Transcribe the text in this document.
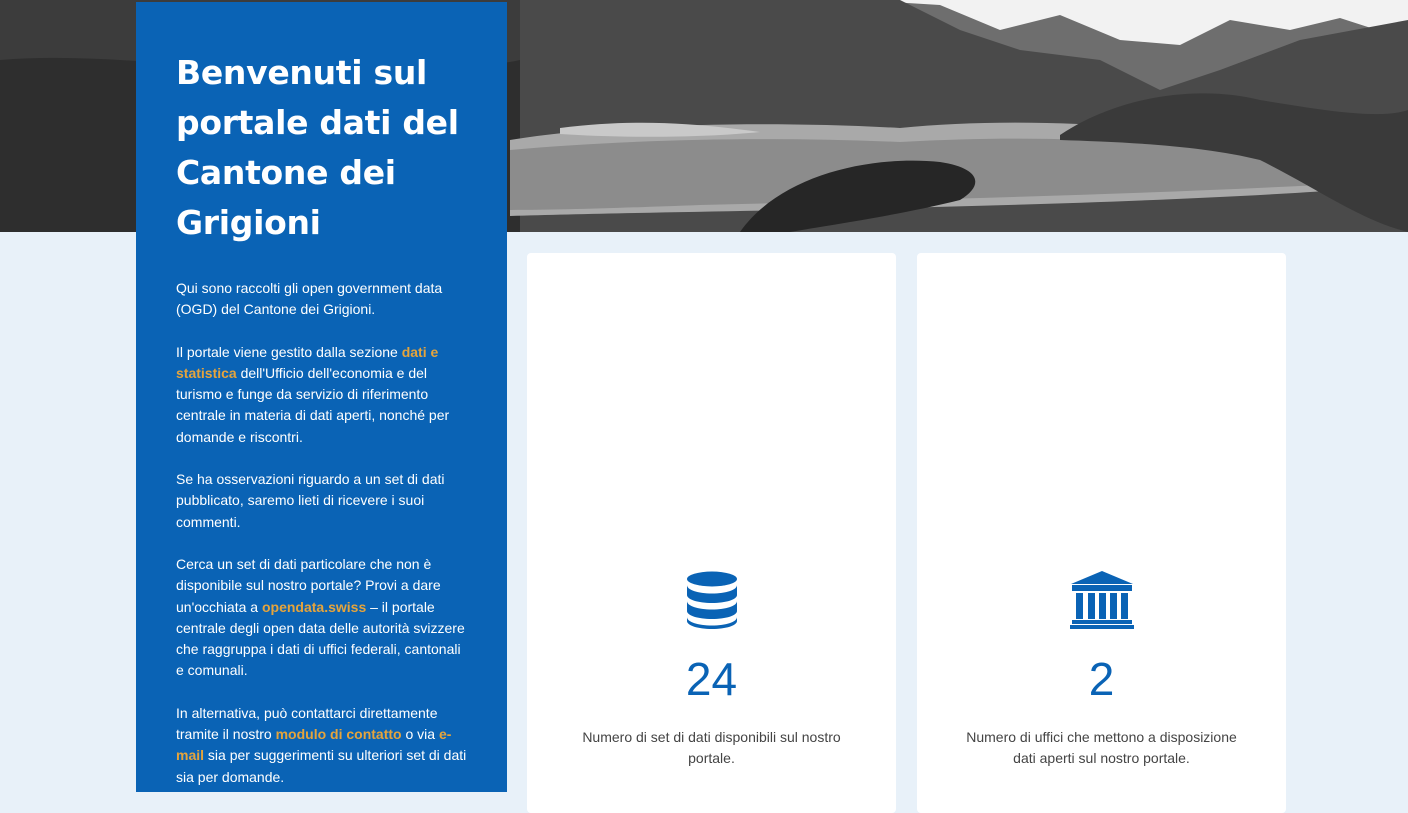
Benvenuti sul portale dati del Cantone dei Grigioni

Qui sono raccolti gli open government data (OGD) del Cantone dei Grigioni.

Il portale viene gestito dalla sezione dati e statistica dell'Ufficio dell'economia e del turismo e funge da servizio di riferimento centrale in materia di dati aperti, nonché per domande e riscontri.

Se ha osservazioni riguardo a un set di dati pubblicato, saremo lieti di ricevere i suoi commenti.

Cerca un set di dati particolare che non è disponibile sul nostro portale? Provi a dare un'occhiata a opendata.swiss – il portale centrale degli open data delle autorità svizzere che raggruppa i dati di uffici federali, cantonali e comunali.

In alternativa, può contattarci direttamente tramite il nostro modulo di contatto o via e-mail sia per suggerimenti su ulteriori set di dati sia per domande.

24
Numero di set di dati disponibili sul nostro portale.
2
Numero di uffici che mettono a disposizione dati aperti sul nostro portale.
